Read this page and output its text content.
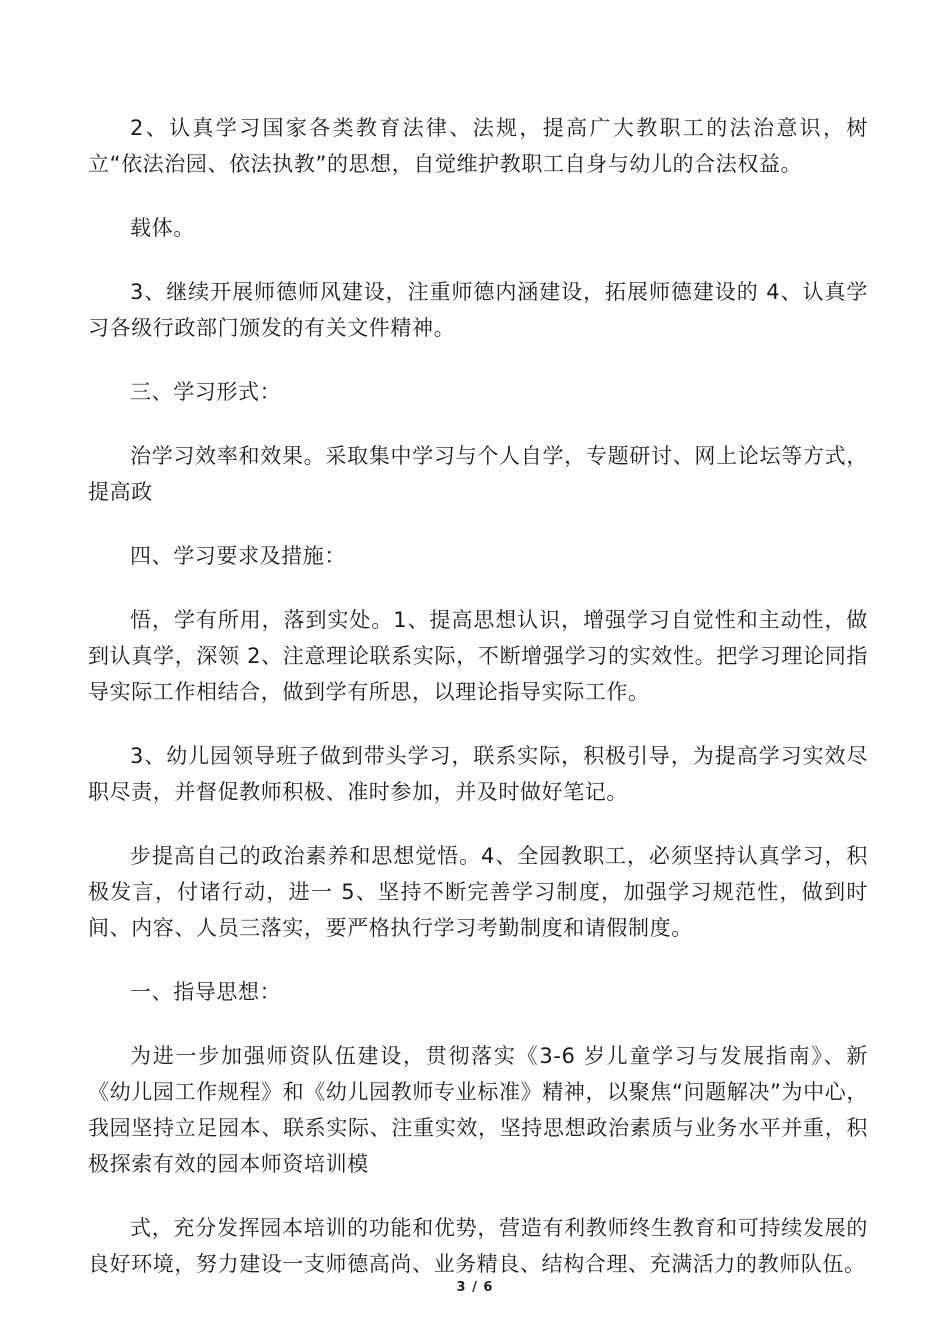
2、认真学习国家各类教育法律、法规，提高广大教职工的法治意识，树立“依法治园、依法执教”的思想，自觉维护教职工自身与幼儿的合法权益。

载体。

3、继续开展师德师风建设，注重师德内涵建设，拓展师德建设的 4、认真学习各级行政部门颁发的有关文件精神。

三、学习形式：

治学习效率和效果。采取集中学习与个人自学，专题研讨、网上论坛等方式，提高政

四、学习要求及措施：

悟，学有所用，落到实处。1、提高思想认识，增强学习自觉性和主动性，做到认真学，深领 2、注意理论联系实际，不断增强学习的实效性。把学习理论同指导实际工作相结合，做到学有所思，以理论指导实际工作。

3、幼儿园领导班子做到带头学习，联系实际，积极引导，为提高学习实效尽职尽责，并督促教师积极、准时参加，并及时做好笔记。

步提高自己的政治素养和思想觉悟。4、全园教职工，必须坚持认真学习，积极发言，付诸行动，进一 5、坚持不断完善学习制度，加强学习规范性，做到时间、内容、人员三落实，要严格执行学习考勤制度和请假制度。

一、指导思想：

为进一步加强师资队伍建设，贯彻落实《3-6 岁儿童学习与发展指南》、新《幼儿园工作规程》和《幼儿园教师专业标准》精神，以聚焦“问题解决”为中心，我园坚持立足园本、联系实际、注重实效，坚持思想政治素质与业务水平并重，积极探索有效的园本师资培训模

式，充分发挥园本培训的功能和优势，营造有利教师终生教育和可持续发展的良好环境，努力建设一支师德高尚、业务精良、结构合理、充满活力的教师队伍。

3 / 6
